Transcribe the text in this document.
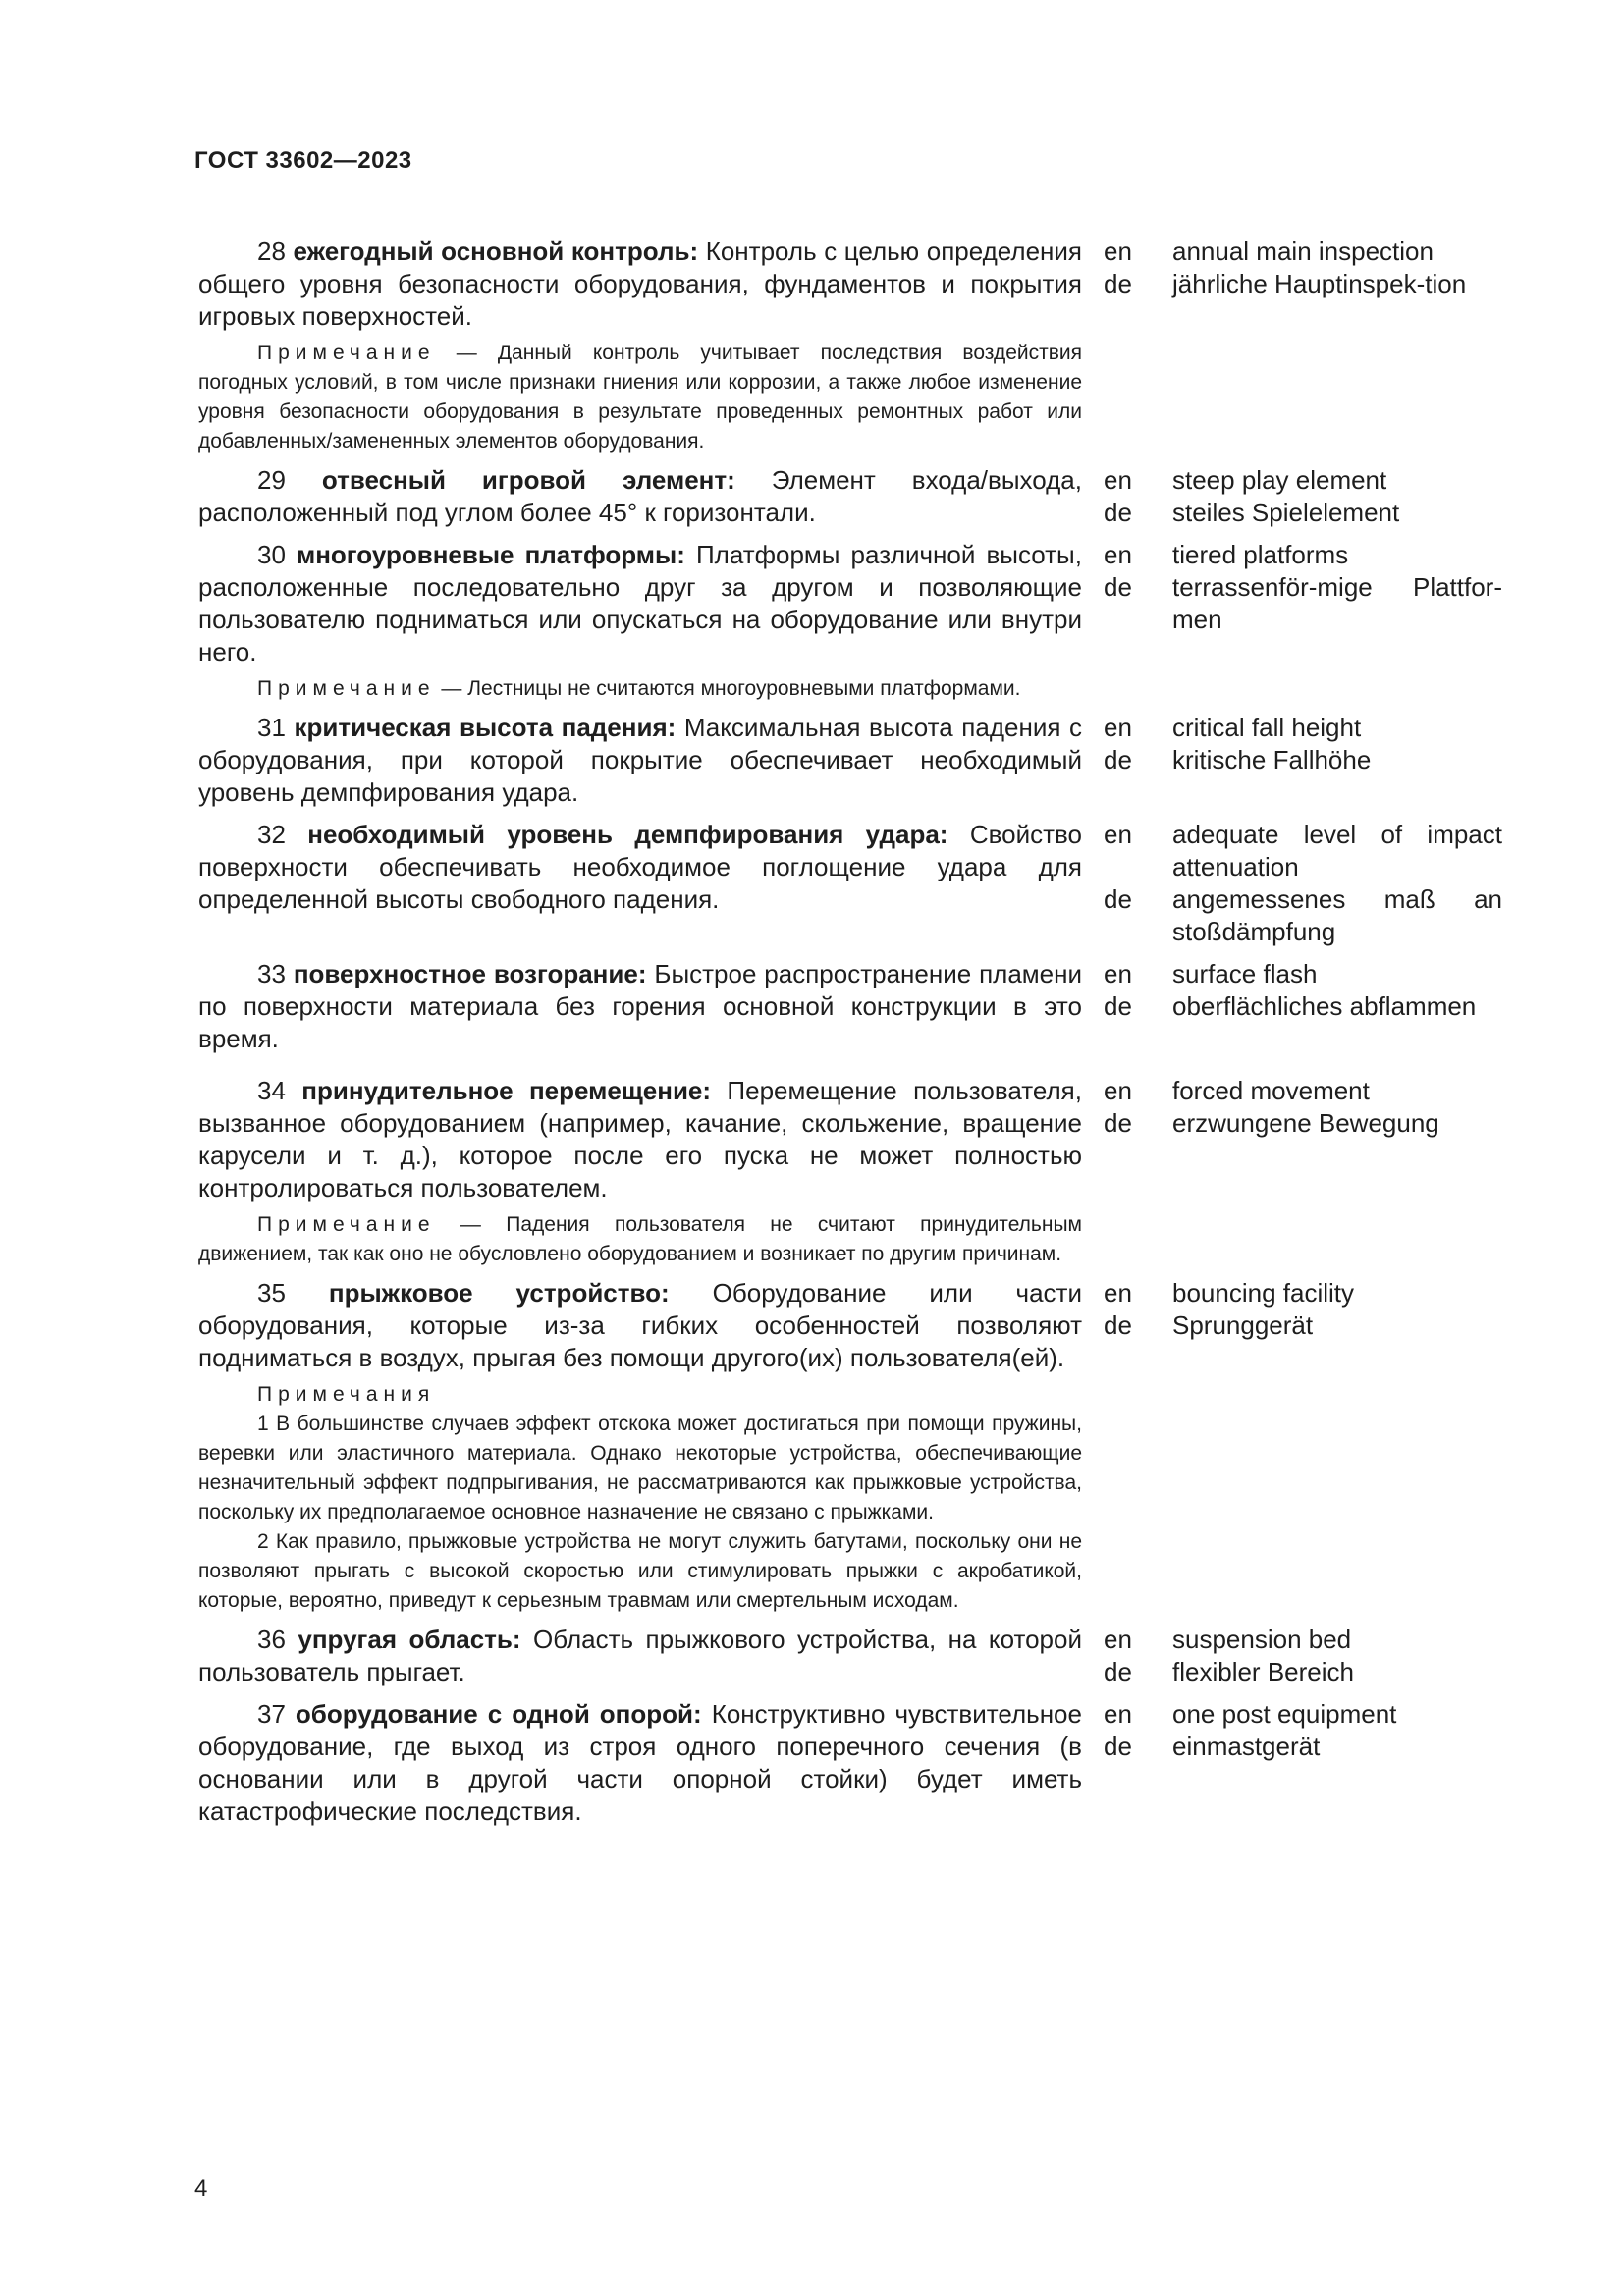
ГОСТ 33602—2023

28 ежегодный основной контроль: Контроль с целью определения общего уровня безопасности оборудования, фундаментов и покрытия игровых поверхностей.

Примечание — Данный контроль учитывает последствия воздействия погодных условий, в том числе признаки гниения или коррозии, а также любое изменение уровня безопасности оборудования в результате проведенных ремонтных работ или добавленных/замененных элементов оборудования.

en
de
annual main inspection
jährliche Hauptinspek-tion

29 отвесный игровой элемент: Элемент входа/выхода, расположенный под углом более 45° к горизонтали.

en
de
steep play element
steiles Spielelement

30 многоуровневые платформы: Платформы различной высоты, расположенные последовательно друг за другом и позволяющие пользователю подниматься или опускаться на оборудование или внутри него.

Примечание — Лестницы не считаются многоуровневыми платформами.

en
de
tiered platforms
terrassenför-mige Plattfor-men

31 критическая высота падения: Максимальная высота падения с оборудования, при которой покрытие обеспечивает необходимый уровень демпфирования удара.

en
de
critical fall height
kritische Fallhöhe

32 необходимый уровень демпфирования удара: Свойство поверхности обеспечивать необходимое поглощение удара для определенной высоты свободного падения.

en
de
adequate level of impact attenuation
angemessenes maß an stoßdämpfung

33 поверхностное возгорание: Быстрое распространение пламени по поверхности материала без горения основной конструкции в это время.

en
de
surface flash
oberflächliches abflammen

34 принудительное перемещение: Перемещение пользователя, вызванное оборудованием (например, качание, скольжение, вращение карусели и т. д.), которое после его пуска не может полностью контролироваться пользователем.

Примечание — Падения пользователя не считают принудительным движением, так как оно не обусловлено оборудованием и возникает по другим причинам.

en
de
forced movement
erzwungene Bewegung

35 прыжковое устройство: Оборудование или части оборудования, которые из-за гибких особенностей позволяют подниматься в воздух, прыгая без помощи другого(их) пользователя(ей).

Примечания

1 В большинстве случаев эффект отскока может достигаться при помощи пружины, веревки или эластичного материала. Однако некоторые устройства, обеспечивающие незначительный эффект подпрыгивания, не рассматриваются как прыжковые устройства, поскольку их предполагаемое основное назначение не связано с прыжками.

2 Как правило, прыжковые устройства не могут служить батутами, поскольку они не позволяют прыгать с высокой скоростью или стимулировать прыжки с акробатикой, которые, вероятно, приведут к серьезным травмам или смертельным исходам.

en
de
bouncing facility
Sprunggerät

36 упругая область: Область прыжкового устройства, на которой пользователь прыгает.

en
de
suspension bed
flexibler Bereich

37 оборудование с одной опорой: Конструктивно чувствительное оборудование, где выход из строя одного поперечного сечения (в основании или в другой части опорной стойки) будет иметь катастрофические последствия.

en
de
one post equipment
einmastgerät
4
